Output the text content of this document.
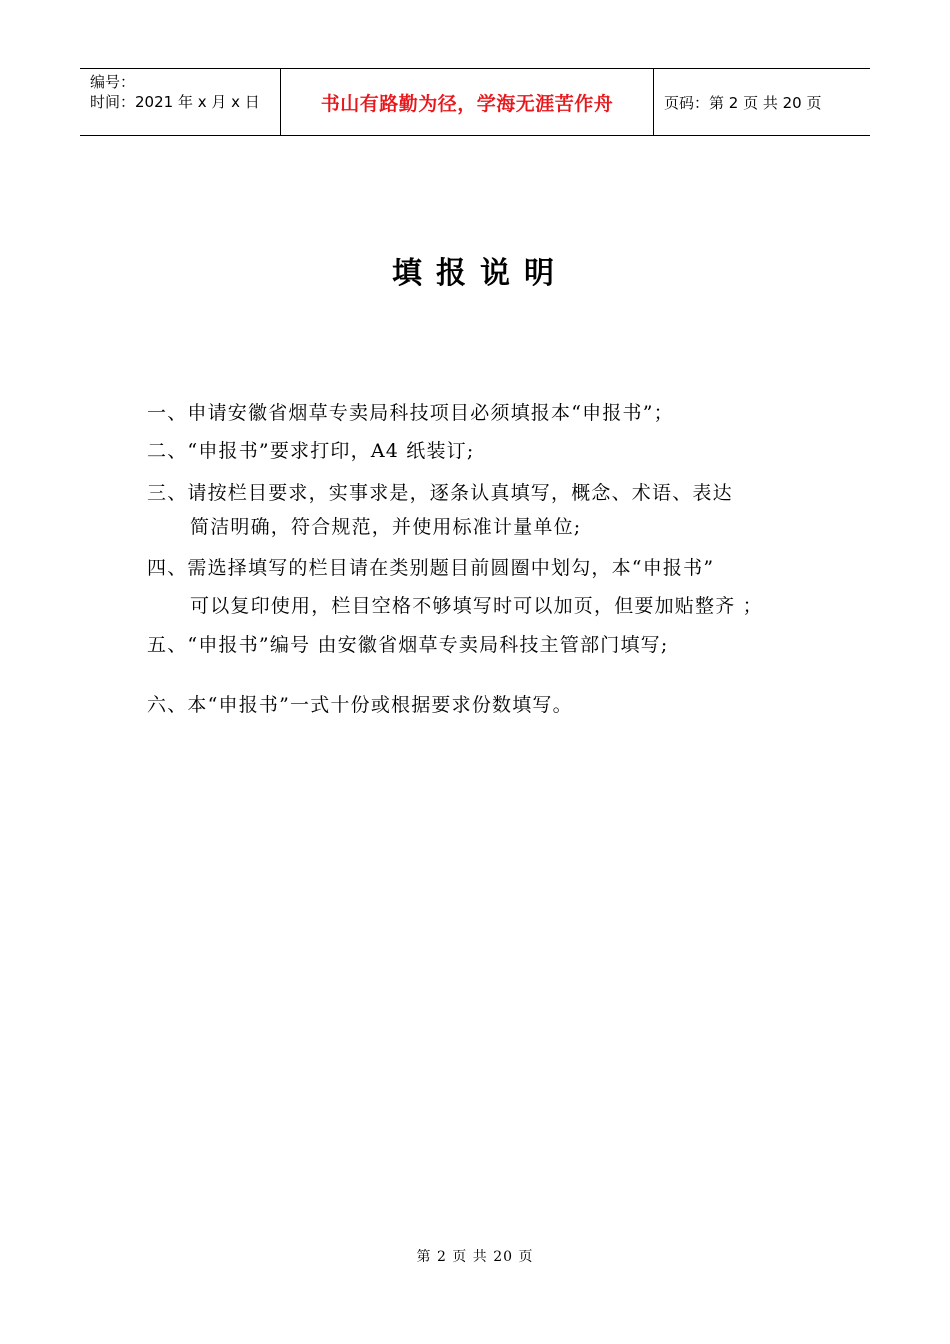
编号：
时间：2021 年 x 月 x 日	书山有路勤为径，学海无涯苦作舟	页码：第 2 页 共 20 页
填报说明
一、申请安徽省烟草专卖局科技项目必须填报本“申报书”；
二、“申报书”要求打印，A4 纸装订;
三、请按栏目要求，实事求是，逐条认真填写，概念、术语、表达
简洁明确，符合规范，并使用标准计量单位;
四、需选择填写的栏目请在类别题目前圆圈中划勾，本“申报书”
可以复印使用，栏目空格不够填写时可以加页，但要加贴整齐 ；
五、“申报书”编号 由安徽省烟草专卖局科技主管部门填写;
六、本“申报书”一式十份或根据要求份数填写。
第 2 页 共 20 页
